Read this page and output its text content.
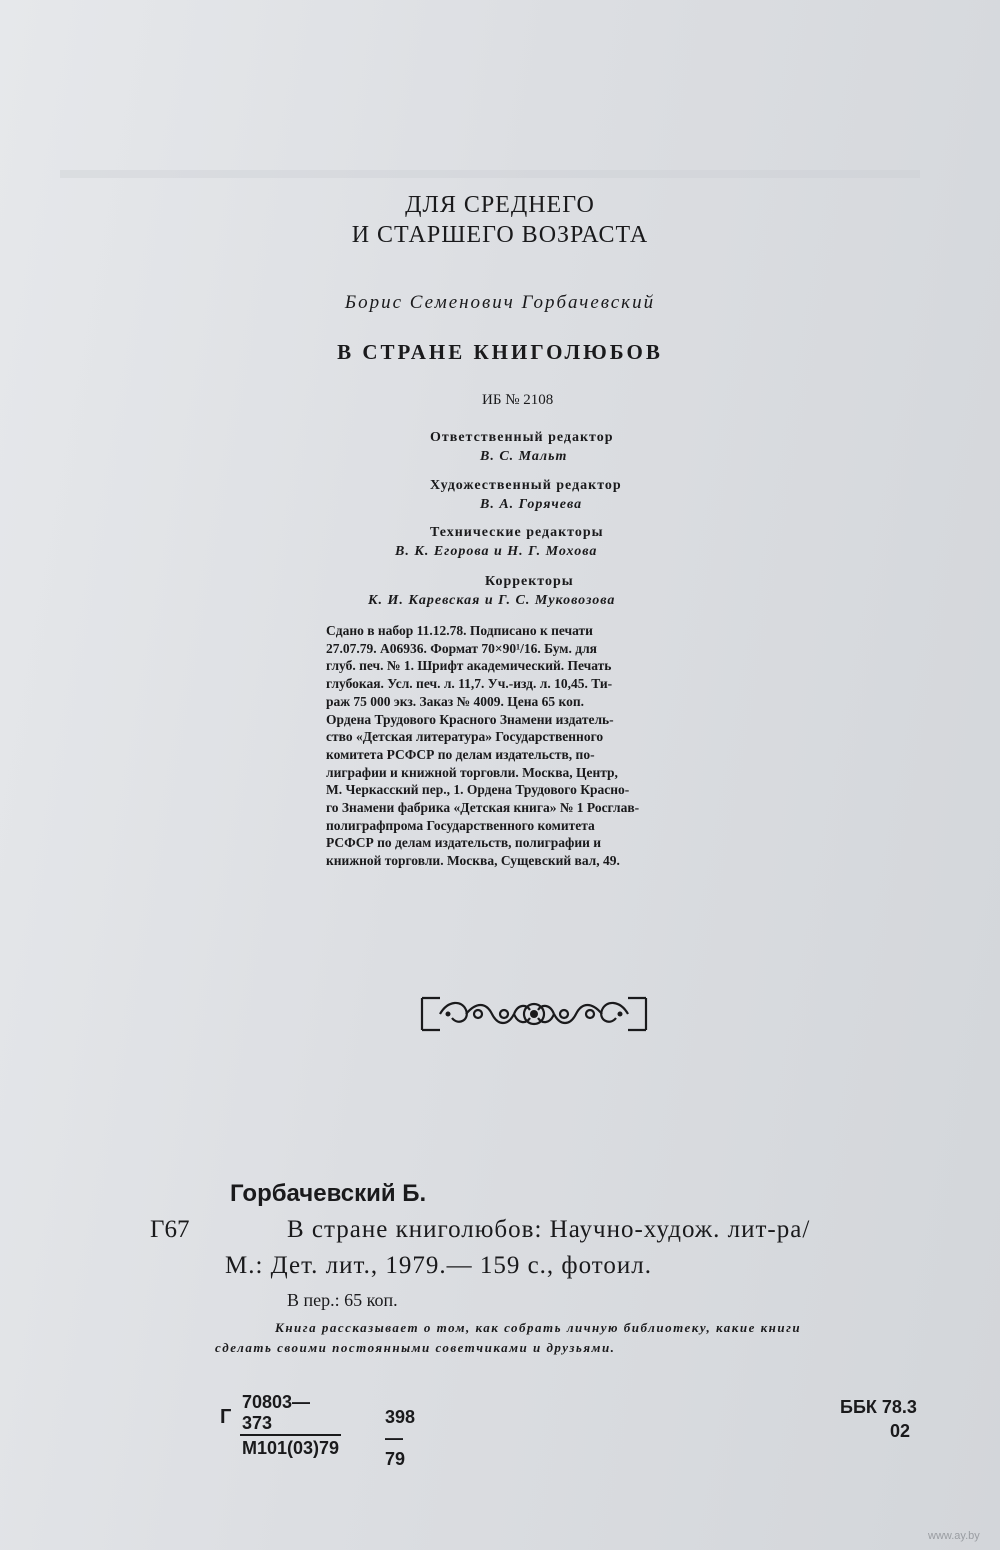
ДЛЯ СРЕДНЕГО
И СТАРШЕГО ВОЗРАСТА
Борис Семенович Горбачевский
В СТРАНЕ КНИГОЛЮБОВ
ИБ № 2108
Ответственный редактор
В. С. Мальт
Художественный редактор
В. А. Горячева
Технические редакторы
В. К. Егорова и Н. Г. Мохова
Корректоры
К. И. Каревская и Г. С. Муковозова
Сдано в набор 11.12.78. Подписано к печати
27.07.79. А06936. Формат 70×90¹/16. Бум. для
глуб. печ. № 1. Шрифт академический. Печать
глубокая. Усл. печ. л. 11,7. Уч.-изд. л. 10,45. Ти-
раж 75 000 экз. Заказ № 4009. Цена 65 коп.
Ордена Трудового Красного Знамени издатель-
ство «Детская литература» Государственного
комитета РСФСР по делам издательств, по-
лиграфии и книжной торговли. Москва, Центр,
М. Черкасский пер., 1. Ордена Трудового Красно-
го Знамени фабрика «Детская книга» № 1 Росглав-
полиграфпрома Государственного комитета
РСФСР по делам издательств, полиграфии и
книжной торговли. Москва, Сущевский вал, 49.
Горбачевский Б.
Г67	В стране книголюбов: Научно-худож. лит-ра/
М.: Дет. лит., 1979.— 159 с., фотоил.
В пер.: 65 коп.
Книга рассказывает о том, как собрать личную библиотеку, какие книги
сделать своими постоянными советчиками и друзьями.
Г
70803—373
М101(03)79
398—79
ББК 78.3
02
www.ay.by
